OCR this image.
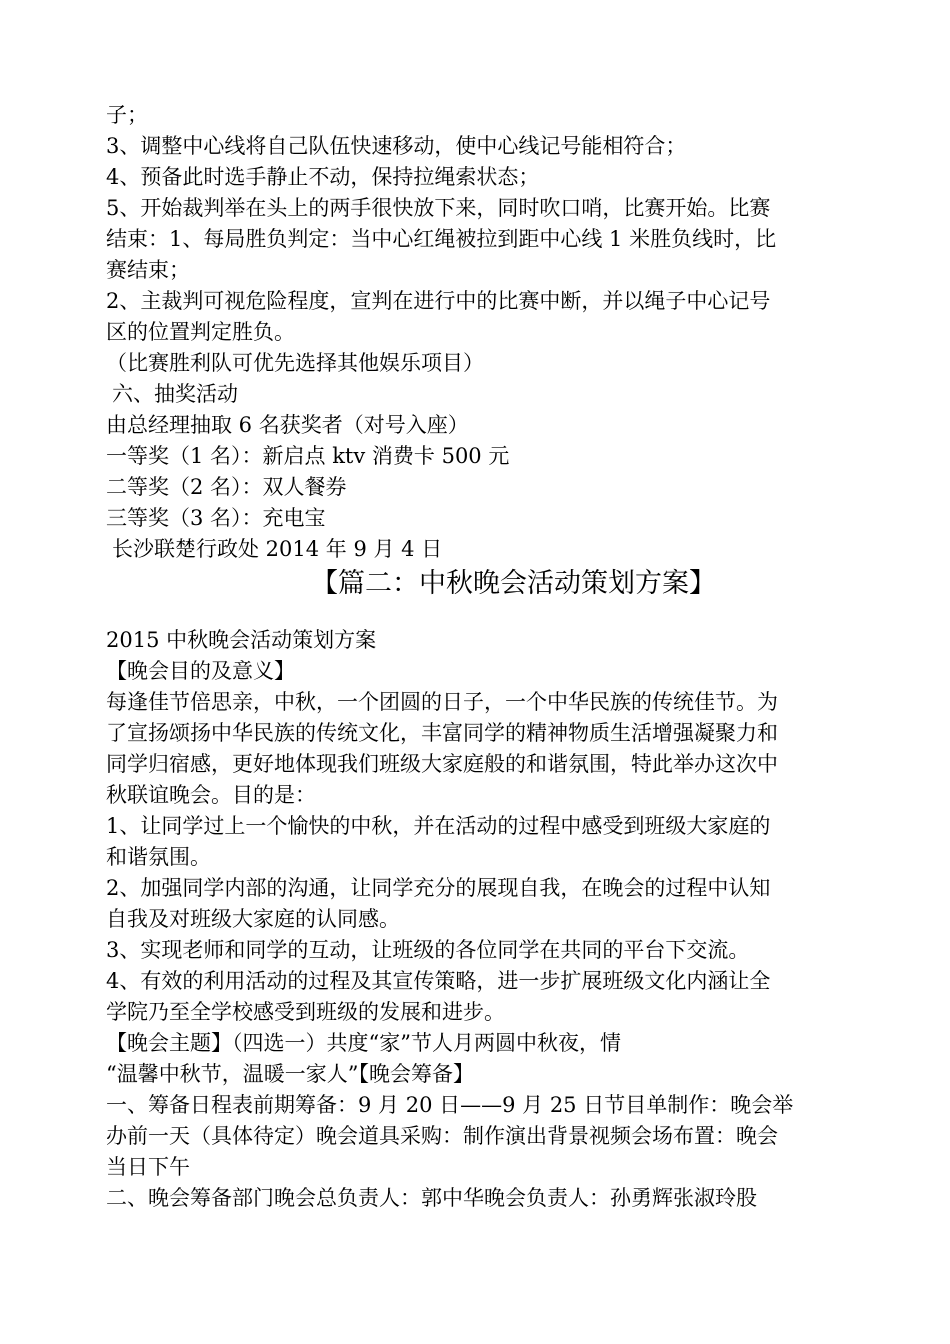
子；
3、调整中心线将自己队伍快速移动，使中心线记号能相符合；
4、预备此时选手静止不动，保持拉绳索状态；
5、开始裁判举在头上的两手很快放下来，同时吹口哨，比赛开始。比赛
结束：1、每局胜负判定：当中心红绳被拉到距中心线 1 米胜负线时，比
赛结束；
2、主裁判可视危险程度，宣判在进行中的比赛中断，并以绳子中心记号
区的位置判定胜负。
（比赛胜利队可优先选择其他娱乐项目）
六、抽奖活动
由总经理抽取 6 名获奖者（对号入座）
一等奖（1 名）：新启点 ktv 消费卡 500 元
二等奖（2 名）：双人餐券
三等奖（3 名）：充电宝
长沙联楚行政处 2014 年 9 月 4 日
【篇二：中秋晚会活动策划方案】
2015 中秋晚会活动策划方案
【晚会目的及意义】
每逢佳节倍思亲，中秋，一个团圆的日子，一个中华民族的传统佳节。为
了宣扬颂扬中华民族的传统文化，丰富同学的精神物质生活增强凝聚力和
同学归宿感，更好地体现我们班级大家庭般的和谐氛围，特此举办这次中
秋联谊晚会。目的是：
1、让同学过上一个愉快的中秋，并在活动的过程中感受到班级大家庭的
和谐氛围。
2、加强同学内部的沟通，让同学充分的展现自我，在晚会的过程中认知
自我及对班级大家庭的认同感。
3、实现老师和同学的互动，让班级的各位同学在共同的平台下交流。
4、有效的利用活动的过程及其宣传策略，进一步扩展班级文化内涵让全
学院乃至全学校感受到班级的发展和进步。
【晚会主题】（四选一）共度“家”节人月两圆中秋夜，情
“温馨中秋节，温暖一家人”【晚会筹备】
一、筹备日程表前期筹备：9 月 20 日——9 月 25 日节目单制作：晚会举
办前一天（具体待定）晚会道具采购：制作演出背景视频会场布置：晚会
当日下午
二、晚会筹备部门晚会总负责人：郭中华晚会负责人：孙勇辉张淑玲股
